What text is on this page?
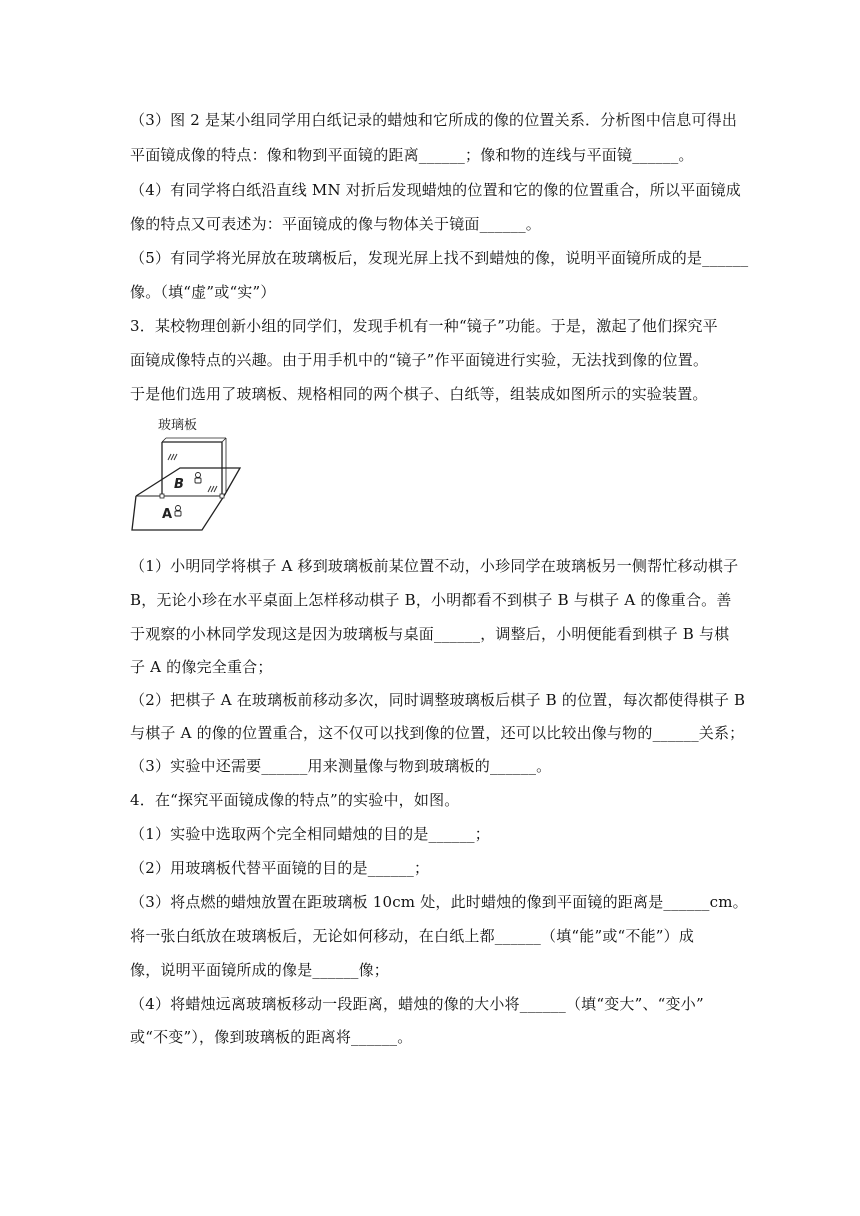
（3）图 2 是某小组同学用白纸记录的蜡烛和它所成的像的位置关系．分析图中信息可得出
平面镜成像的特点：像和物到平面镜的距离______；像和物的连线与平面镜______。
（4）有同学将白纸沿直线 MN 对折后发现蜡烛的位置和它的像的位置重合，所以平面镜成
像的特点又可表述为：平面镜成的像与物体关于镜面______。
（5）有同学将光屏放在玻璃板后，发现光屏上找不到蜡烛的像，说明平面镜所成的是______
像。（填“虚”或“实”）
3．某校物理创新小组的同学们，发现手机有一种“镜子”功能。于是，激起了他们探究平
面镜成像特点的兴趣。由于用手机中的“镜子”作平面镜进行实验，无法找到像的位置。
于是他们选用了玻璃板、规格相同的两个棋子、白纸等，组装成如图所示的实验装置。
玻璃板
B
A
（1）小明同学将棋子 A 移到玻璃板前某位置不动，小珍同学在玻璃板另一侧帮忙移动棋子
B，无论小珍在水平桌面上怎样移动棋子 B，小明都看不到棋子 B 与棋子 A 的像重合。善
于观察的小林同学发现这是因为玻璃板与桌面______，调整后，小明便能看到棋子 B 与棋
子 A 的像完全重合；
（2）把棋子 A 在玻璃板前移动多次，同时调整玻璃板后棋子 B 的位置，每次都使得棋子 B
与棋子 A 的像的位置重合，这不仅可以找到像的位置，还可以比较出像与物的______关系；
（3）实验中还需要______用来测量像与物到玻璃板的______。
4．在“探究平面镜成像的特点”的实验中，如图。
（1）实验中选取两个完全相同蜡烛的目的是______；
（2）用玻璃板代替平面镜的目的是______；
（3）将点燃的蜡烛放置在距玻璃板 10cm 处，此时蜡烛的像到平面镜的距离是______cm。
将一张白纸放在玻璃板后，无论如何移动，在白纸上都______（填“能”或“不能”）成
像，说明平面镜所成的像是______像；
（4）将蜡烛远离玻璃板移动一段距离，蜡烛的像的大小将______（填“变大”、“变小”
或“不变”），像到玻璃板的距离将______。
